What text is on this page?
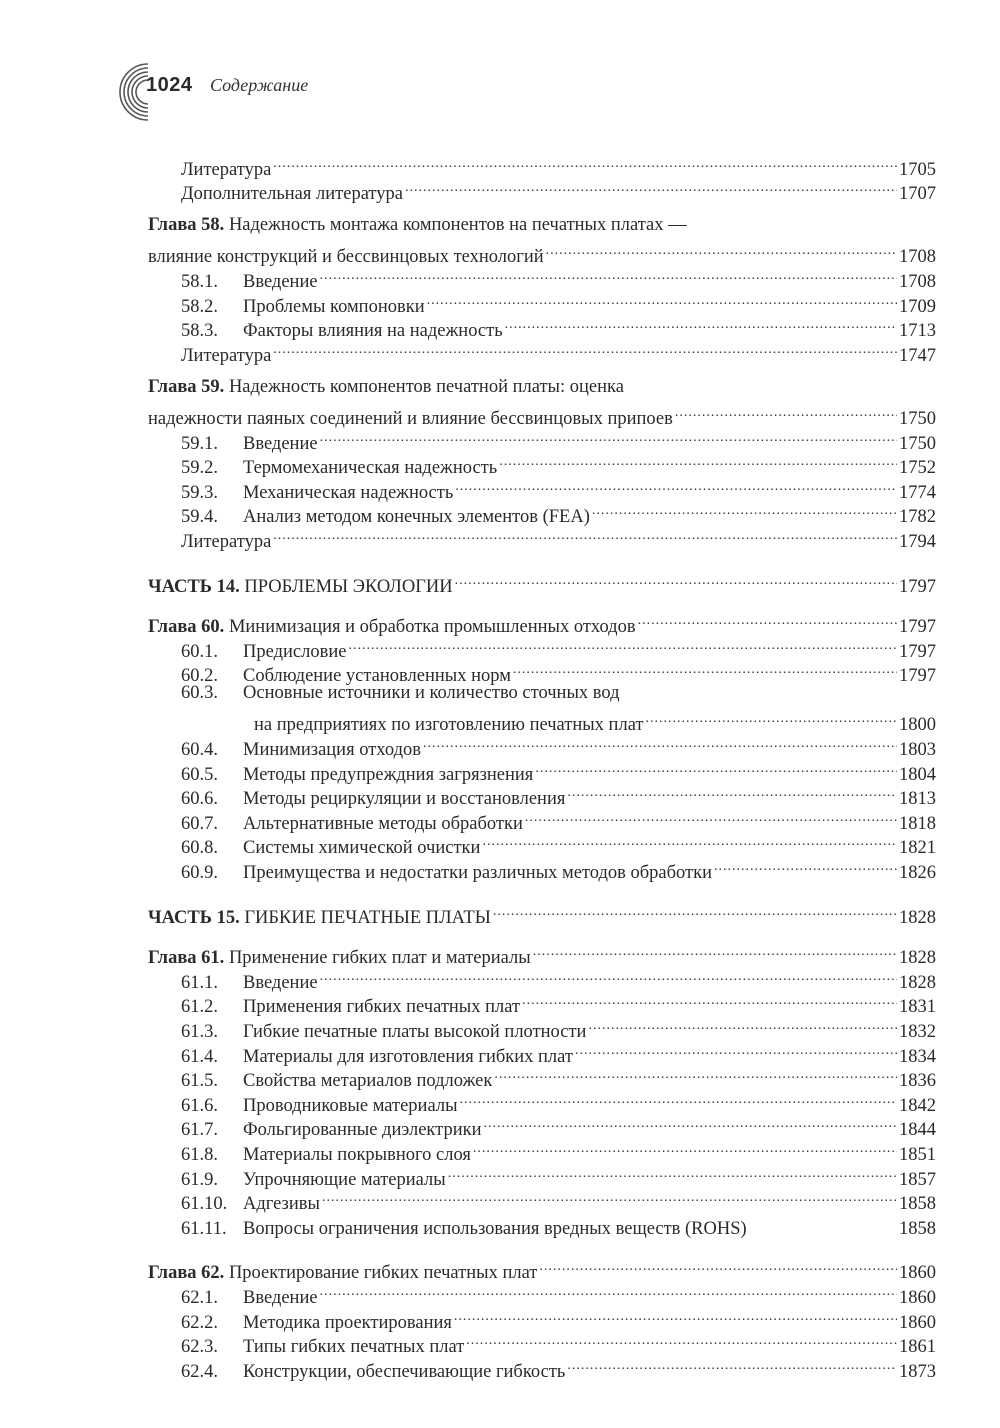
1024 Содержание
Литература .....	1705
Дополнительная литература .....	1707
Глава 58. Надежность монтажа компонентов на печатных платах —
влияние конструкций и бессвинцовых технологий .....	1708
58.1.	Введение .....	1708
58.2.	Проблемы компоновки .....	1709
58.3.	Факторы влияния на надежность .....	1713
Литература .....	1747
Глава 59. Надежность компонентов печатной платы: оценка
надежности паяных соединений и влияние бессвинцовых припоев .....	1750
59.1.	Введение .....	1750
59.2.	Термомеханическая надежность .....	1752
59.3.	Механическая надежность .....	1774
59.4.	Анализ методом конечных элементов (FEA) .....	1782
Литература .....	1794
ЧАСТЬ 14. ПРОБЛЕМЫ ЭКОЛОГИИ .....	1797
Глава 60. Минимизация и обработка промышленных отходов .....	1797
60.1.	Предисловие .....	1797
60.2.	Соблюдение установленных норм .....	1797
60.3. Основные источники и количество сточных вод
на предприятиях по изготовлению печатных плат .....	1800
60.4.	Минимизация отходов .....	1803
60.5.	Методы предупреждния загрязнения .....	1804
60.6.	Методы рециркуляции и восстановления .....	1813
60.7.	Альтернативные методы обработки .....	1818
60.8.	Системы химической очистки .....	1821
60.9.	Преимущества и недостатки различных методов обработки .....	1826
ЧАСТЬ 15. ГИБКИЕ ПЕЧАТНЫЕ ПЛАТЫ .....	1828
Глава 61. Применение гибких плат и материалы .....	1828
61.1.	Введение .....	1828
61.2.	Применения гибких печатных плат .....	1831
61.3.	Гибкие печатные платы высокой плотности .....	1832
61.4.	Материалы для изготовления гибких плат .....	1834
61.5.	Свойства метариалов подложек .....	1836
61.6.	Проводниковые материалы .....	1842
61.7.	Фольгированные диэлектрики .....	1844
61.8.	Материалы покрывного слоя .....	1851
61.9.	Упрочняющие материалы .....	1857
61.10. Адгезивы .....	1858
61.11. Вопросы ограничения использования вредных веществ (ROHS)	1858
Глава 62. Проектирование гибких печатных плат .....	1860
62.1.	Введение .....	1860
62.2.	Методика проектирования .....	1860
62.3.	Типы гибких печатных плат .....	1861
62.4.	Конструкции, обеспечивающие гибкость .....	1873
